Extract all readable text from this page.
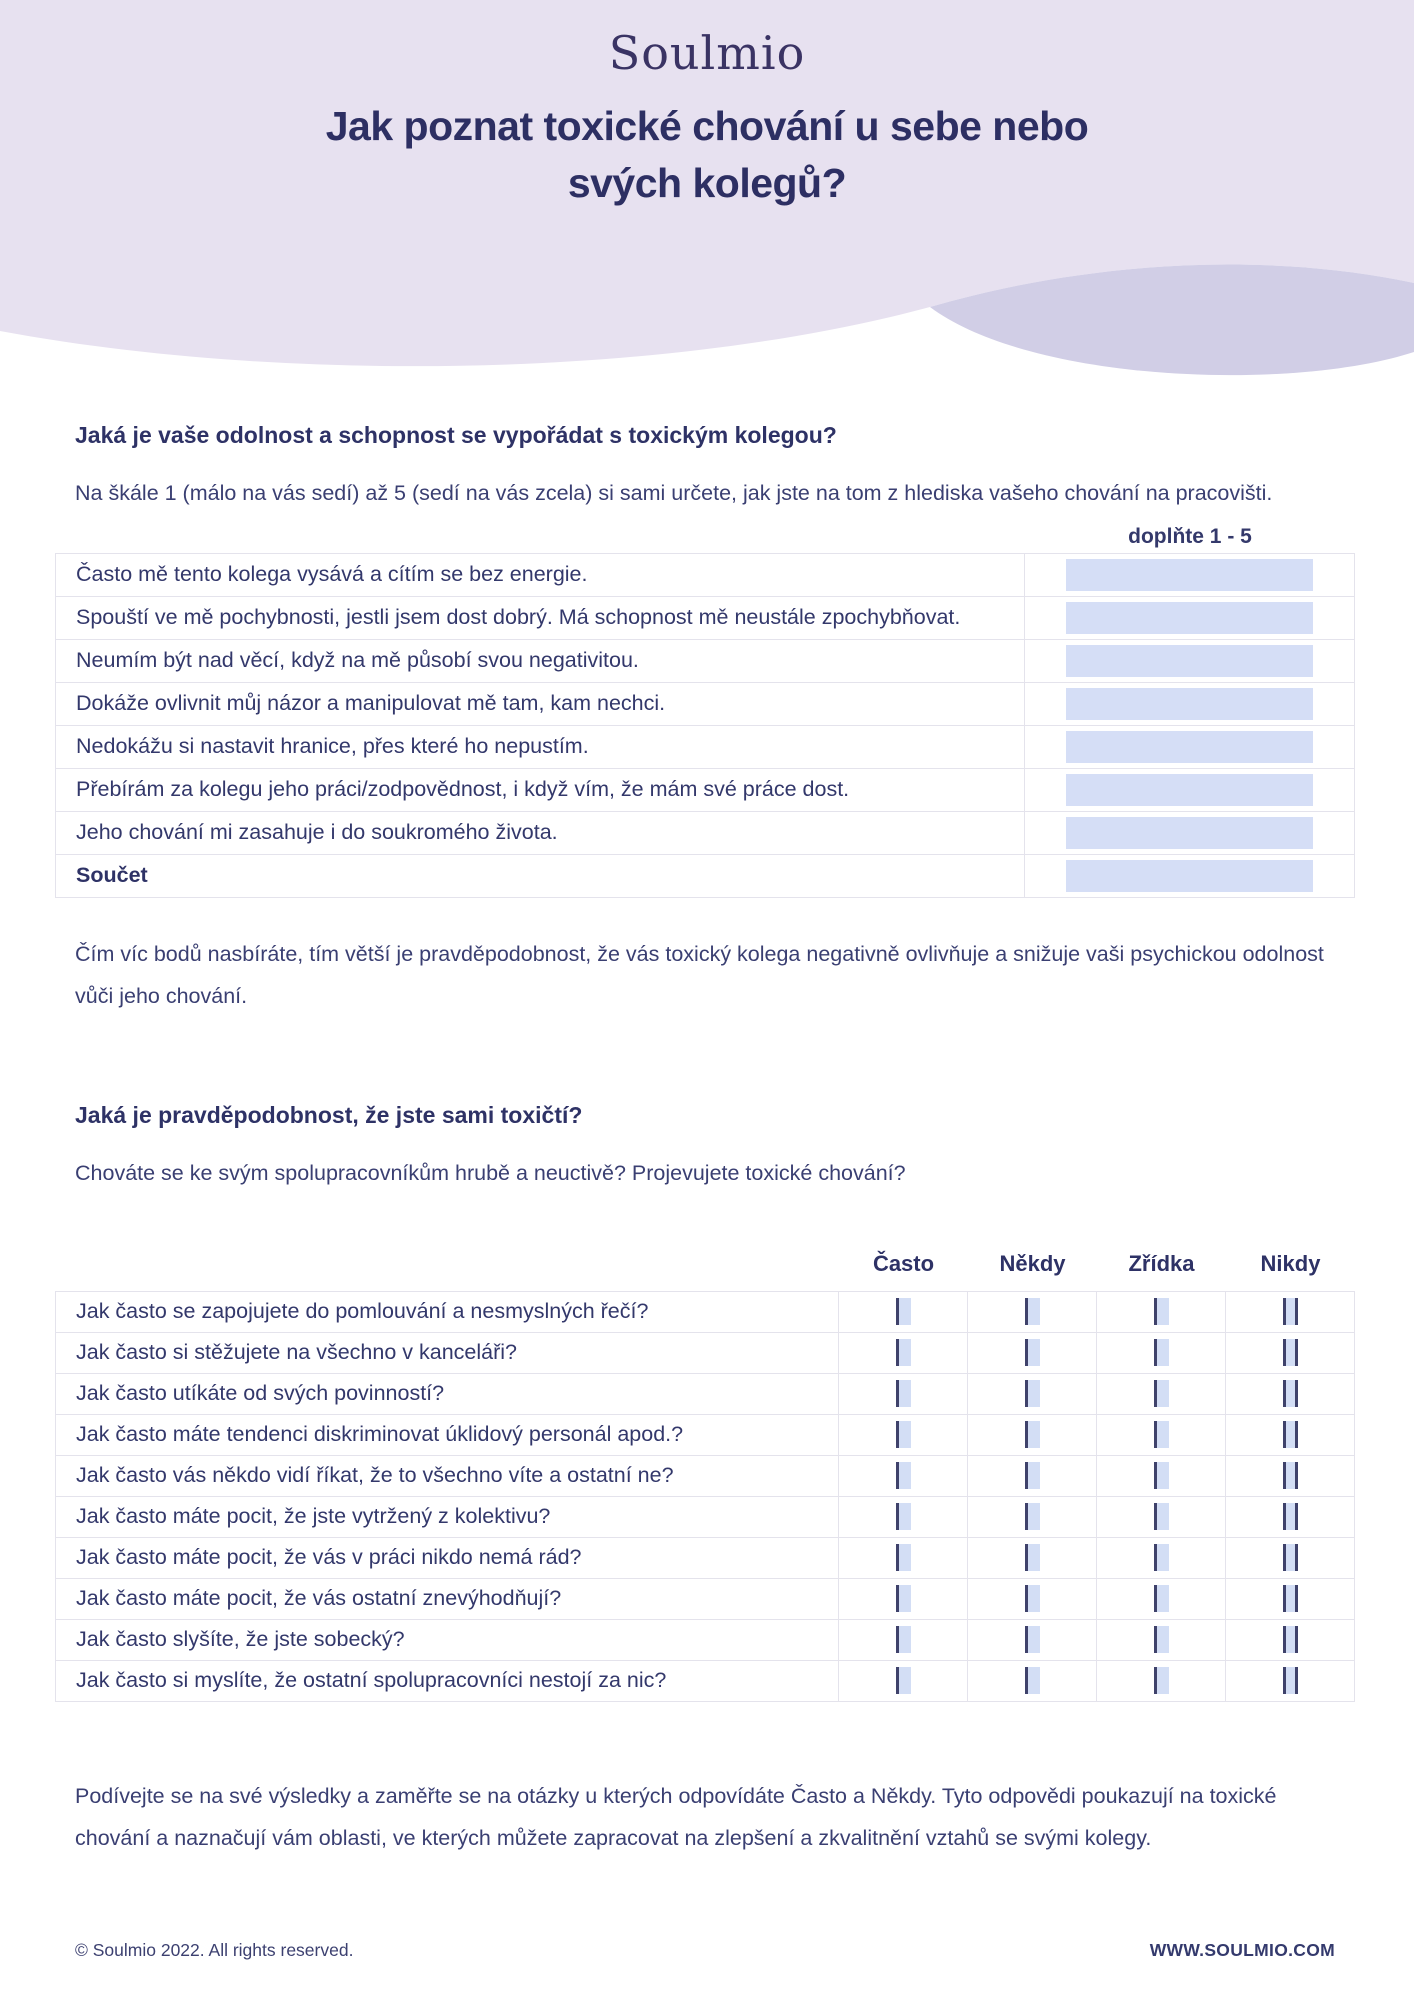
Soulmio
Jak poznat toxické chování u sebe nebo
svých kolegů?
Jaká je vaše odolnost a schopnost se vypořádat s toxickým kolegou?

Na škále 1 (málo na vás sedí) až 5 (sedí na vás zcela) si sami určete, jak jste na tom z hlediska vašeho chování na pracovišti.

doplňte 1 - 5
Často mě tento kolega vysává a cítím se bez energie.	

Spouští ve mě pochybnosti, jestli jsem dost dobrý. Má schopnost mě neustále zpochybňovat.	

Neumím být nad věcí, když na mě působí svou negativitou.	

Dokáže ovlivnit můj názor a manipulovat mě tam, kam nechci.	

Nedokážu si nastavit hranice, přes které ho nepustím.	

Přebírám za kolegu jeho práci/zodpovědnost, i když vím, že mám své práce dost.	

Jeho chování mi zasahuje i do soukromého života.	

Součet	

Čím víc bodů nasbíráte, tím větší je pravděpodobnost, že vás toxický kolega negativně ovlivňuje a snižuje vaši psychickou odolnost vůči jeho chování.

Jaká je pravděpodobnost, že jste sami toxičtí?

Chováte se ke svým spolupracovníkům hrubě a neuctivě? Projevujete toxické chování?

Často	Někdy	Zřídka	Nikdy
Jak často se zapojujete do pomlouvání a nesmyslných řečí?				
Jak často si stěžujete na všechno v kanceláři?				
Jak často utíkáte od svých povinností?				
Jak často máte tendenci diskriminovat úklidový personál apod.?				
Jak často vás někdo vidí říkat, že to všechno víte a ostatní ne?				
Jak často máte pocit, že jste vytržený z kolektivu?				
Jak často máte pocit, že vás v práci nikdo nemá rád?				
Jak často máte pocit, že vás ostatní znevýhodňují?				
Jak často slyšíte, že jste sobecký?				
Jak často si myslíte, že ostatní spolupracovníci nestojí za nic?				

Podívejte se na své výsledky a zaměřte se na otázky u kterých odpovídáte Často a Někdy. Tyto odpovědi poukazují na toxické chování a naznačují vám oblasti, ve kterých můžete zapracovat na zlepšení a zkvalitnění vztahů se svými kolegy.

© Soulmio 2022. All rights reserved.	WWW.SOULMIO.COM
